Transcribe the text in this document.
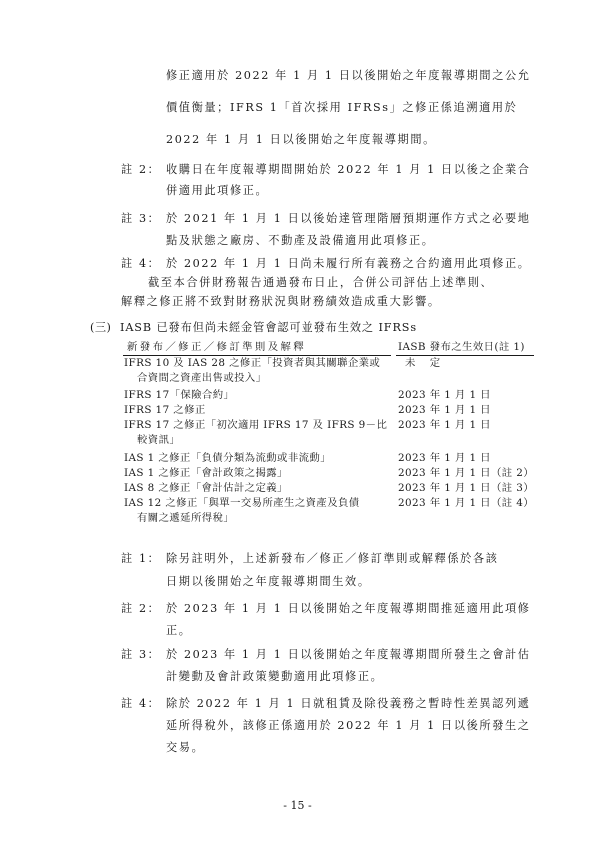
修正適用於 2022 年 1 月 1 日以後開始之年度報導期間之公允
價值衡量；IFRS 1「首次採用 IFRSs」之修正係追溯適用於
2022 年 1 月 1 日以後開始之年度報導期間。
註 2： 收購日在年度報導期間開始於 2022 年 1 月 1 日以後之企業合
併適用此項修正。
註 3： 於 2021 年 1 月 1 日以後始達管理階層預期運作方式之必要地
點及狀態之廠房、不動產及設備適用此項修正。
註 4： 於 2022 年 1 月 1 日尚未履行所有義務之合約適用此項修正。
截至本合併財務報告通過發布日止，合併公司評估上述準則、
解釋之修正將不致對財務狀況與財務績效造成重大影響。
(三) IASB 已發布但尚未經金管會認可並發布生效之 IFRSs
新發布／修正／修訂準則及解釋	IASB 發布之生效日(註 1)
IFRS 10 及 IAS 28 之修正「投資者與其關聯企業或 未　定
合資間之資產出售或投入」
IFRS 17「保險合約」	2023 年 1 月 1 日
IFRS 17 之修正	2023 年 1 月 1 日
IFRS 17 之修正「初次適用 IFRS 17 及 IFRS 9－比 2023 年 1 月 1 日
較資訊」
IAS 1 之修正「負債分類為流動或非流動」	2023 年 1 月 1 日
IAS 1 之修正「會計政策之揭露」	2023 年 1 月 1 日（註 2）
IAS 8 之修正「會計估計之定義」	2023 年 1 月 1 日（註 3）
IAS 12 之修正「與單一交易所產生之資產及負債	2023 年 1 月 1 日（註 4）
有關之遞延所得稅」
註 1： 除另註明外，上述新發布／修正／修訂準則或解釋係於各該
日期以後開始之年度報導期間生效。
註 2： 於 2023 年 1 月 1 日以後開始之年度報導期間推延適用此項修
正。
註 3： 於 2023 年 1 月 1 日以後開始之年度報導期間所發生之會計估
計變動及會計政策變動適用此項修正。
註 4： 除於 2022 年 1 月 1 日就租賃及除役義務之暫時性差異認列遞
延所得稅外，該修正係適用於 2022 年 1 月 1 日以後所發生之
交易。
- 15 -
